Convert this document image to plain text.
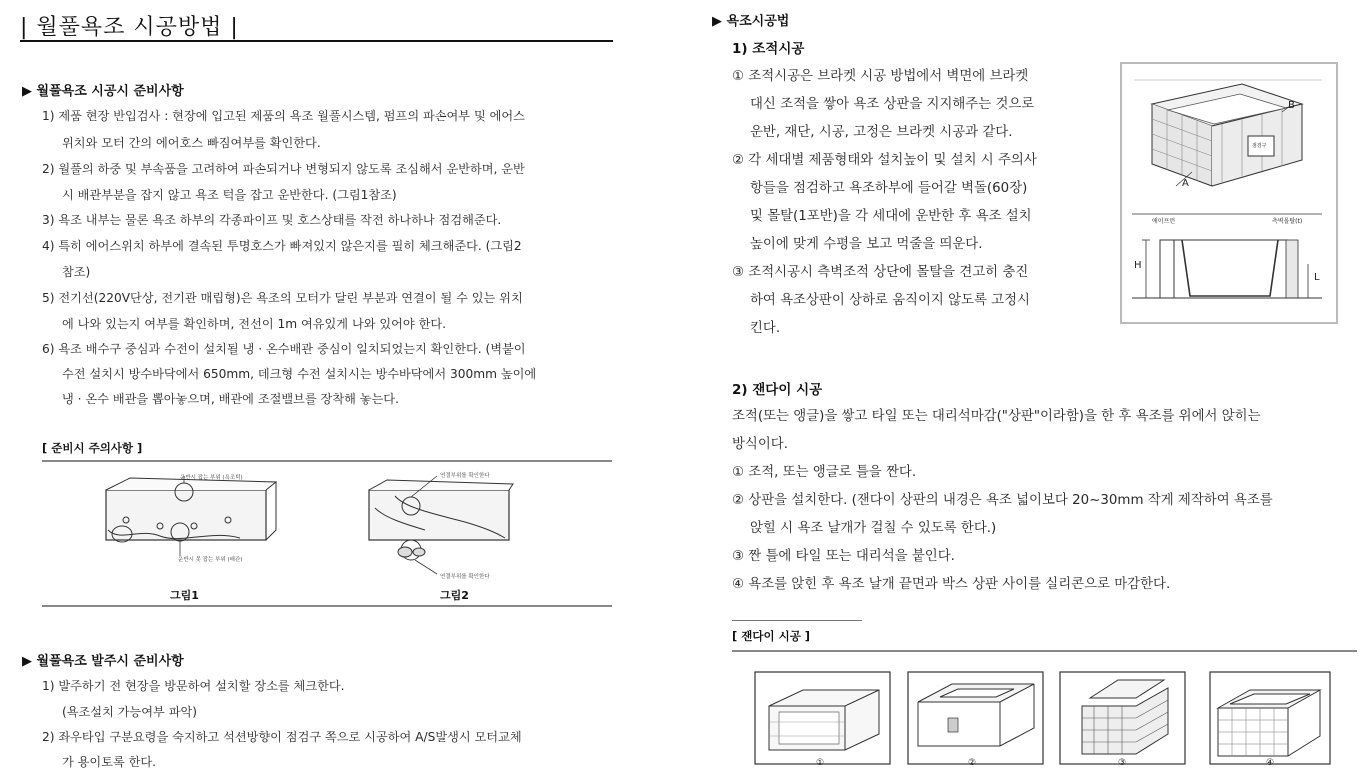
| 월풀욕조 시공방법 |
▶ 월풀욕조 시공시 준비사항
1) 제품 현장 반입검사 : 현장에 입고된 제품의 욕조 월풀시스템, 펌프의 파손여부 및 에어스
위치와 모터 간의 에어호스 빠짐여부를 확인한다.
2) 월풀의 하중 및 부속품을 고려하여 파손되거나 변형되지 않도록 조심해서 운반하며, 운반
시 배관부분을 잡지 않고 욕조 턱을 잡고 운반한다. (그림1참조)
3) 욕조 내부는 물론 욕조 하부의 각종파이프 및 호스상태를 작전 하나하나 점검해준다.
4) 특히 에어스위치 하부에 결속된 투명호스가 빠져있지 않은지를 필히 체크해준다. (그림2
참조)
5) 전기선(220V단상, 전기관 매립형)은 욕조의 모터가 달린 부분과 연결이 될 수 있는 위치
에 나와 있는지 여부를 확인하며, 전선이 1m 여유있게 나와 있어야 한다.
6) 욕조 배수구 중심과 수전이 설치될 냉 · 온수배관 중심이 일치되었는지 확인한다. (벽붙이
수전 설치시 방수바닥에서 650mm, 데크형 수전 설치시는 방수바닥에서 300mm 높이에
냉 · 온수 배관을 뽑아놓으며, 배관에 조절밸브를 장착해 놓는다.
[ 준비시 주의사항 ]
운반시 잡는 부위 (욕조턱)
운반시 못 잡는 부위 (배관)
그림1
연결부위를 확인한다
연결부위를 확인한다
그림2
▶ 월풀욕조 발주시 준비사항
1) 발주하기 전 현장을 방문하여 설치할 장소를 체크한다.
(욕조설치 가능여부 파악)
2) 좌우타입 구분요령을 숙지하고 석션방향이 점검구 쪽으로 시공하여 A/S발생시 모터교체
가 용이토록 한다.
▶ 욕조시공법
1) 조적시공
① 조적시공은 브라켓 시공 방법에서 벽면에 브라켓
대신 조적을 쌓아 욕조 상판을 지지해주는 것으로
운반, 재단, 시공, 고정은 브라켓 시공과 같다.
② 각 세대별 제품형태와 설치높이 및 설치 시 주의사
항들을 점검하고 욕조하부에 들어갈 벽돌(60장)
및 몰탈(1포반)을 각 세대에 운반한 후 욕조 설치
높이에 맞게 수평을 보고 먹줄을 띄운다.
③ 조적시공시 측벽조적 상단에 몰탈을 견고히 충진
하여 욕조상판이 상하로 움직이지 않도록 고정시
킨다.
B
A
점검구
에이프런	측벽몰탈(t)
H
L
2) 잰다이 시공
조적(또는 앵글)을 쌓고 타일 또는 대리석마감("상판"이라함)을 한 후 욕조를 위에서 앉히는
방식이다.
① 조적, 또는 앵글로 틀을 짠다.
② 상판을 설치한다. (잰다이 상판의 내경은 욕조 넓이보다 20~30mm 작게 제작하여 욕조를
앉힐 시 욕조 날개가 걸칠 수 있도록 한다.)
③ 짠 틀에 타일 또는 대리석을 붙인다.
④ 욕조를 앉힌 후 욕조 날개 끝면과 박스 상판 사이를 실리콘으로 마감한다.
[ 잰다이 시공 ]
①	②	③	④
